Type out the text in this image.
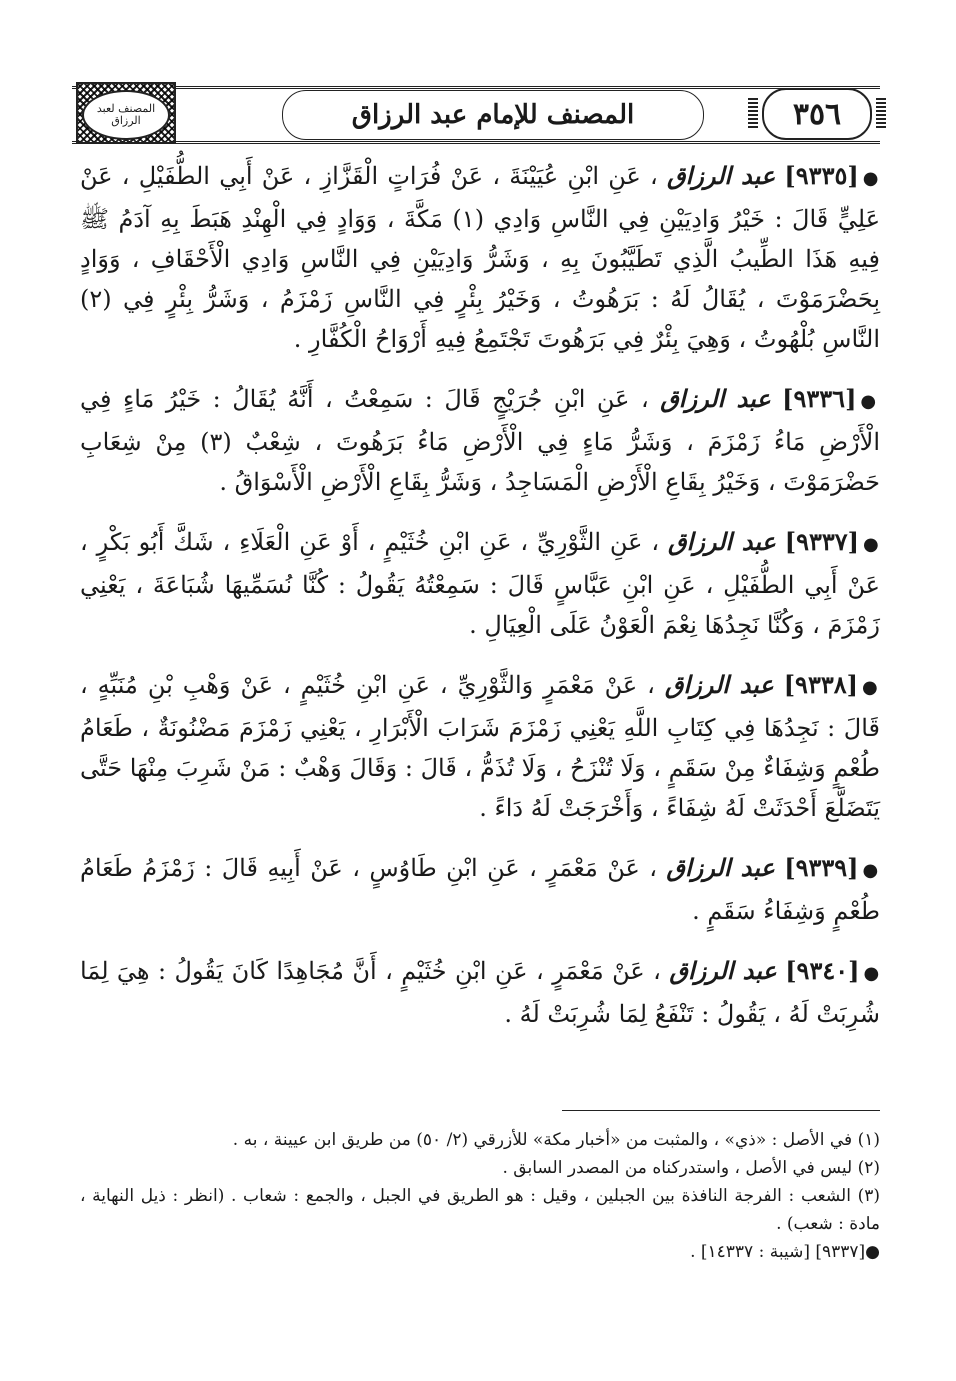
المصنف لعبد الرزاق	المصنف للإمام عبد الرزاق	٣٥٦

●[٩٣٣٥] عبد الرزاق ، عَنِ ابْنِ عُيَيْنَةَ ، عَنْ فُرَاتٍ الْقَزَّازِ ، عَنْ أَبِي الطُّفَيْلِ ، عَنْ عَلِيٍّ قَالَ : خَيْرُ وَادِيَيْنِ فِي النَّاسِ وَادِي (١) مَكَّةَ ، وَوَادٍ فِي الْهِنْدِ هَبَطَ بِهِ آدَمُ ﷺ فِيهِ هَذَا الطِّيبُ الَّذِي تَطَيَّبُونَ بِهِ ، وَشَرُّ وَادِيَيْنِ فِي النَّاسِ وَادِي الْأَحْقَافِ ، وَوَادٍ بِحَضْرَمَوْتَ ، يُقَالُ لَهُ : بَرَهُوتُ ، وَخَيْرُ بِئْرٍ فِي النَّاسِ زَمْزَمُ ، وَشَرُّ بِئْرٍ فِي (٢) النَّاسِ بُلْهُوتُ ، وَهِيَ بِئْرٌ فِي بَرَهُوتَ تَجْتَمِعُ فِيهِ أَرْوَاحُ الْكُفَّارِ .

●[٩٣٣٦] عبد الرزاق ، عَنِ ابْنِ جُرَيْجٍ قَالَ : سَمِعْتُ ، أَنَّهُ يُقَالُ : خَيْرُ مَاءٍ فِي الْأَرْضِ مَاءُ زَمْزَمَ ، وَشَرُّ مَاءٍ فِي الْأَرْضِ مَاءُ بَرَهُوتَ ، شِعْبٌ (٣) مِنْ شِعَابِ حَضْرَمَوْتَ ، وَخَيْرُ بِقَاعِ الْأَرْضِ الْمَسَاجِدُ ، وَشَرُّ بِقَاعِ الْأَرْضِ الْأَسْوَاقُ .

●[٩٣٣٧] عبد الرزاق ، عَنِ الثَّوْرِيِّ ، عَنِ ابْنِ خُثَيْمٍ ، أَوْ عَنِ الْعَلَاءِ ، شَكَّ أَبُو بَكْرٍ ، عَنْ أَبِي الطُّفَيْلِ ، عَنِ ابْنِ عَبَّاسٍ قَالَ : سَمِعْتُهُ يَقُولُ : كُنَّا نُسَمِّيهَا شُبَاعَةَ ، يَعْنِي زَمْزَمَ ، وَكُنَّا نَجِدُهَا نِعْمَ الْعَوْنُ عَلَى الْعِيَالِ .

●[٩٣٣٨] عبد الرزاق ، عَنْ مَعْمَرٍ وَالثَّوْرِيِّ ، عَنِ ابْنِ خُثَيْمٍ ، عَنْ وَهْبِ بْنِ مُنَبِّهٍ ، قَالَ : نَجِدُهَا فِي كِتَابِ اللَّهِ يَعْنِي زَمْزَمَ شَرَابَ الْأَبْرَارِ ، يَعْنِي زَمْزَمَ مَضْنُونَةٌ ، طَعَامُ طُعْمٍ وَشِفَاءٌ مِنْ سَقَمٍ ، وَلَا تُنْزَحُ ، وَلَا تُذَمُّ ، قَالَ : وَقَالَ وَهْبٌ : مَنْ شَرِبَ مِنْهَا حَتَّى يَتَضَلَّعَ أَحْدَثَتْ لَهُ شِفَاءً ، وَأَخْرَجَتْ لَهُ دَاءً .

●[٩٣٣٩] عبد الرزاق ، عَنْ مَعْمَرٍ ، عَنِ ابْنِ طَاوُسٍ ، عَنْ أَبِيهِ قَالَ : زَمْزَمُ طَعَامُ طُعْمٍ وَشِفَاءُ سَقَمٍ .

●[٩٣٤٠] عبد الرزاق ، عَنْ مَعْمَرٍ ، عَنِ ابْنِ خُثَيْمٍ ، أَنَّ مُجَاهِدًا كَانَ يَقُولُ : هِيَ لِمَا شُرِبَتْ لَهُ ، يَقُولُ : تَنْفَعُ لِمَا شُرِبَتْ لَهُ .

(١) في الأصل : «ذي» ، والمثبت من «أخبار مكة» للأزرقي (٢/ ٥٠) من طريق ابن عيينة ، به .

(٢) ليس في الأصل ، واستدركناه من المصدر السابق .

(٣) الشعب : الفرجة النافذة بين الجبلين ، وقيل : هو الطريق في الجبل ، والجمع : شعاب . (انظر : ذيل النهاية ، مادة : شعب) .

●[٩٣٣٧] [شيبة : ١٤٣٣٧] .
